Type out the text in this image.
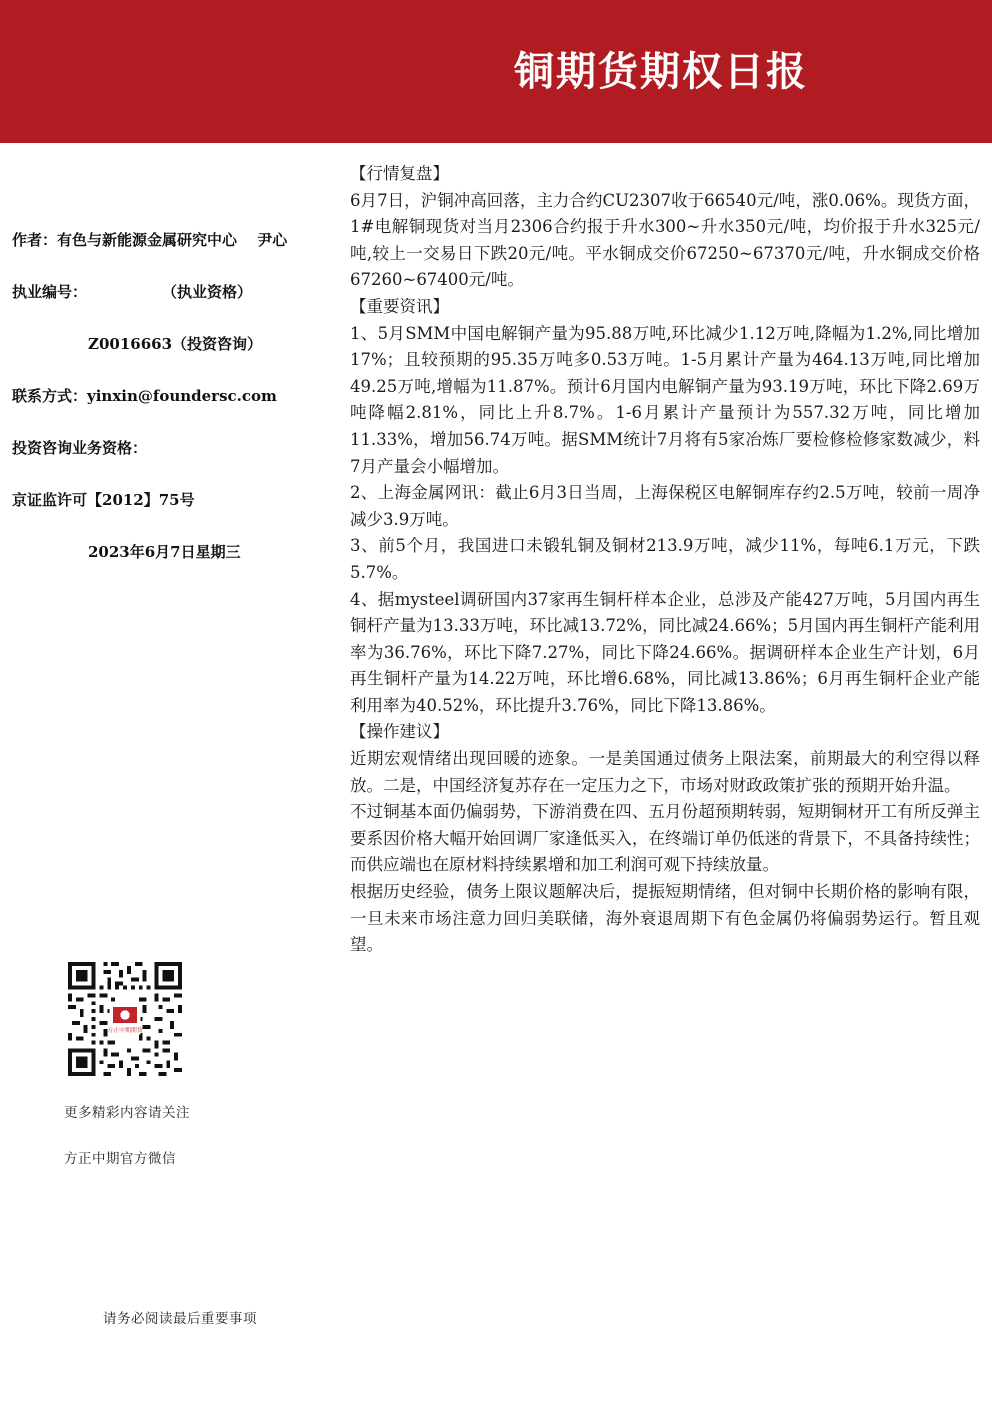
铜期货期权日报
作者：有色与新能源金属研究中心　 尹心
执业编号：　　　　　　（执业资格）
Z0016663（投资咨询）
联系方式：yinxin@foundersc.com
投资咨询业务资格：
京证监许可【2012】75号
2023年6月7日星期三
方正中期期货
更多精彩内容请关注
方正中期官方微信
请务必阅读最后重要事项

【行情复盘】

6月7日，沪铜冲高回落，主力合约CU2307收于66540元/吨，涨0.06%。现货方面，1#电解铜现货对当月2306合约报于升水300~升水350元/吨，均价报于升水325元/吨,较上一交易日下跌20元/吨。平水铜成交价67250~67370元/吨，升水铜成交价格67260~67400元/吨。

【重要资讯】

1、5月SMM中国电解铜产量为95.88万吨,环比减少1.12万吨,降幅为1.2%,同比增加17%；且较预期的95.35万吨多0.53万吨。1-5月累计产量为464.13万吨,同比增加49.25万吨,增幅为11.87%。预计6月国内电解铜产量为93.19万吨，环比下降2.69万吨降幅2.81%，同比上升8.7%。1-6月累计产量预计为557.32万吨，同比增加11.33%，增加56.74万吨。据SMM统计7月将有5家冶炼厂要检修检修家数减少，料7月产量会小幅增加。

2、上海金属网讯：截止6月3日当周，上海保税区电解铜库存约2.5万吨，较前一周净减少3.9万吨。

3、前5个月，我国进口未锻轧铜及铜材213.9万吨，减少11%，每吨6.1万元，下跌5.7%。

4、据mysteel调研国内37家再生铜杆样本企业，总涉及产能427万吨，5月国内再生铜杆产量为13.33万吨，环比减13.72%，同比减24.66%；5月国内再生铜杆产能利用率为36.76%，环比下降7.27%，同比下降24.66%。据调研样本企业生产计划，6月再生铜杆产量为14.22万吨，环比增6.68%，同比减13.86%；6月再生铜杆企业产能利用率为40.52%，环比提升3.76%，同比下降13.86%。

【操作建议】

近期宏观情绪出现回暖的迹象。一是美国通过债务上限法案，前期最大的利空得以释放。二是，中国经济复苏存在一定压力之下，市场对财政政策扩张的预期开始升温。

不过铜基本面仍偏弱势，下游消费在四、五月份超预期转弱，短期铜材开工有所反弹主要系因价格大幅开始回调厂家逢低买入，在终端订单仍低迷的背景下，不具备持续性；而供应端也在原材料持续累增和加工利润可观下持续放量。

根据历史经验，债务上限议题解决后，提振短期情绪，但对铜中长期价格的影响有限，一旦未来市场注意力回归美联储，海外衰退周期下有色金属仍将偏弱势运行。暂且观望。
